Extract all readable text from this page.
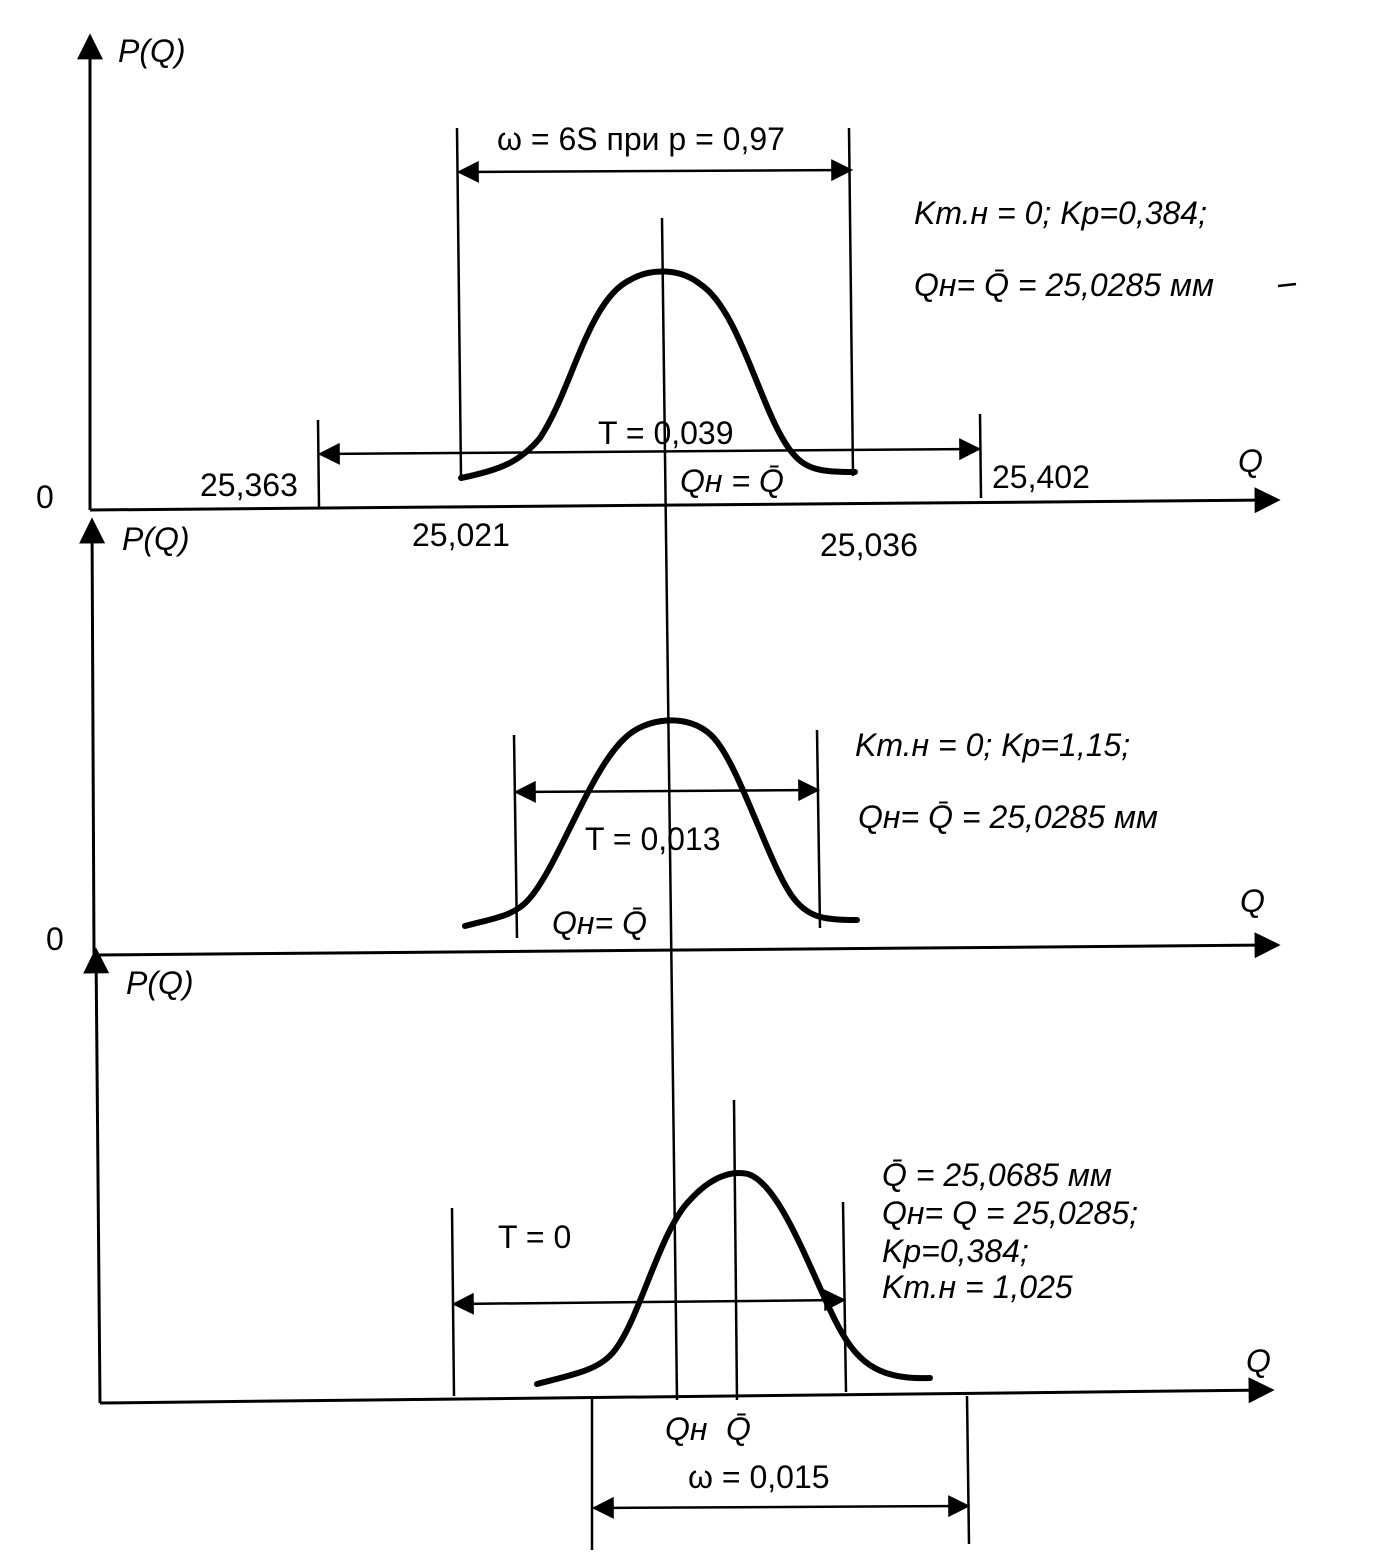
P(Q)
Q
0
ω = 6S при p = 0,97
T = 0,039
25,363	25,402
25,021	25,036
Qн = Q̄
Kт.н = 0; Kр=0,384;
Qн= Q̄ = 25,0285 мм
P(Q)
Q
0
T = 0,013
Qн= Q̄
Kт.н = 0; Kр=1,15;
Qн= Q̄ = 25,0285 мм
P(Q)
Q
T = 0
Qн Q̄
ω = 0,015
Q̄ = 25,0685 мм
Qн= Q = 25,0285;
Kр=0,384;
Kт.н = 1,025
